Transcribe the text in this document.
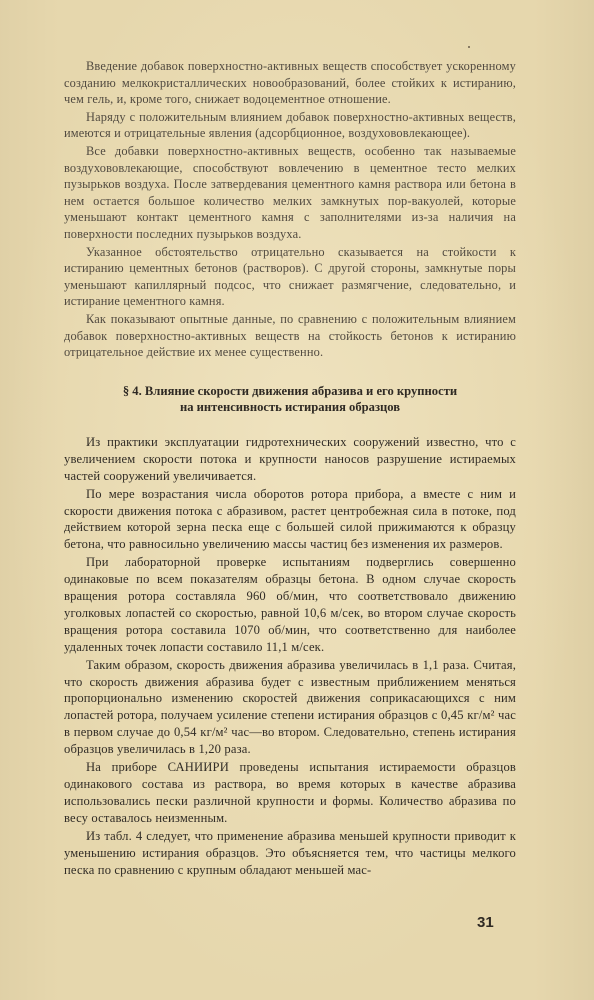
Введение добавок поверхностно-активных веществ способствует ускоренному созданию мелкокристаллических новообразований, более стойких к истиранию, чем гель, и, кроме того, снижает водоцементное отношение.

Наряду с положительным влиянием добавок поверхностно-активных веществ, имеются и отрицательные явления (адсорбционное, воздухововлекающее).

Все добавки поверхностно-активных веществ, особенно так называемые воздухововлекающие, способствуют вовлечению в цементное тесто мелких пузырьков воздуха. После затвердевания цементного камня раствора или бетона в нем остается большое количество мелких замкнутых пор-вакуолей, которые уменьшают контакт цементного камня с заполнителями из-за наличия на поверхности последних пузырьков воздуха.

Указанное обстоятельство отрицательно сказывается на стойкости к истиранию цементных бетонов (растворов). С другой стороны, замкнутые поры уменьшают капиллярный подсос, что снижает размягчение, следовательно, и истирание цементного камня.

Как показывают опытные данные, по сравнению с положительным влиянием добавок поверхностно-активных веществ на стойкость бетонов к истиранию отрицательное действие их менее существенно.

§ 4. Влияние скорости движения абразива и его крупности
на интенсивность истирания образцов

Из практики эксплуатации гидротехнических сооружений известно, что с увеличением скорости потока и крупности наносов разрушение истираемых частей сооружений увеличивается.

По мере возрастания числа оборотов ротора прибора, а вместе с ним и скорости движения потока с абразивом, растет центробежная сила в потоке, под действием которой зерна песка еще с большей силой прижимаются к образцу бетона, что равносильно увеличению массы частиц без изменения их размеров.

При лабораторной проверке испытаниям подверглись совершенно одинаковые по всем показателям образцы бетона. В одном случае скорость вращения ротора составляла 960 об/мин, что соответствовало движению уголковых лопастей со скоростью, равной 10,6 м/сек, во втором случае скорость вращения ротора составила 1070 об/мин, что соответственно для наиболее удаленных точек лопасти составило 11,1 м/сек.

Таким образом, скорость движения абразива увеличилась в 1,1 раза. Считая, что скорость движения абразива будет с известным приближением меняться пропорционально изменению скоростей движения соприкасающихся с ним лопастей ротора, получаем усиление степени истирания образцов с 0,45 кг/м² час в первом случае до 0,54 кг/м² час—во втором. Следовательно, степень истирания образцов увеличилась в 1,20 раза.

На приборе САНИИРИ проведены испытания истираемости образцов одинакового состава из раствора, во время которых в качестве абразива использовались пески различной крупности и формы. Количество абразива по весу оставалось неизменным.

Из табл. 4 следует, что применение абразива меньшей крупности приводит к уменьшению истирания образцов. Это объясняется тем, что частицы мелкого песка по сравнению с крупным обладают меньшей мас-

31
